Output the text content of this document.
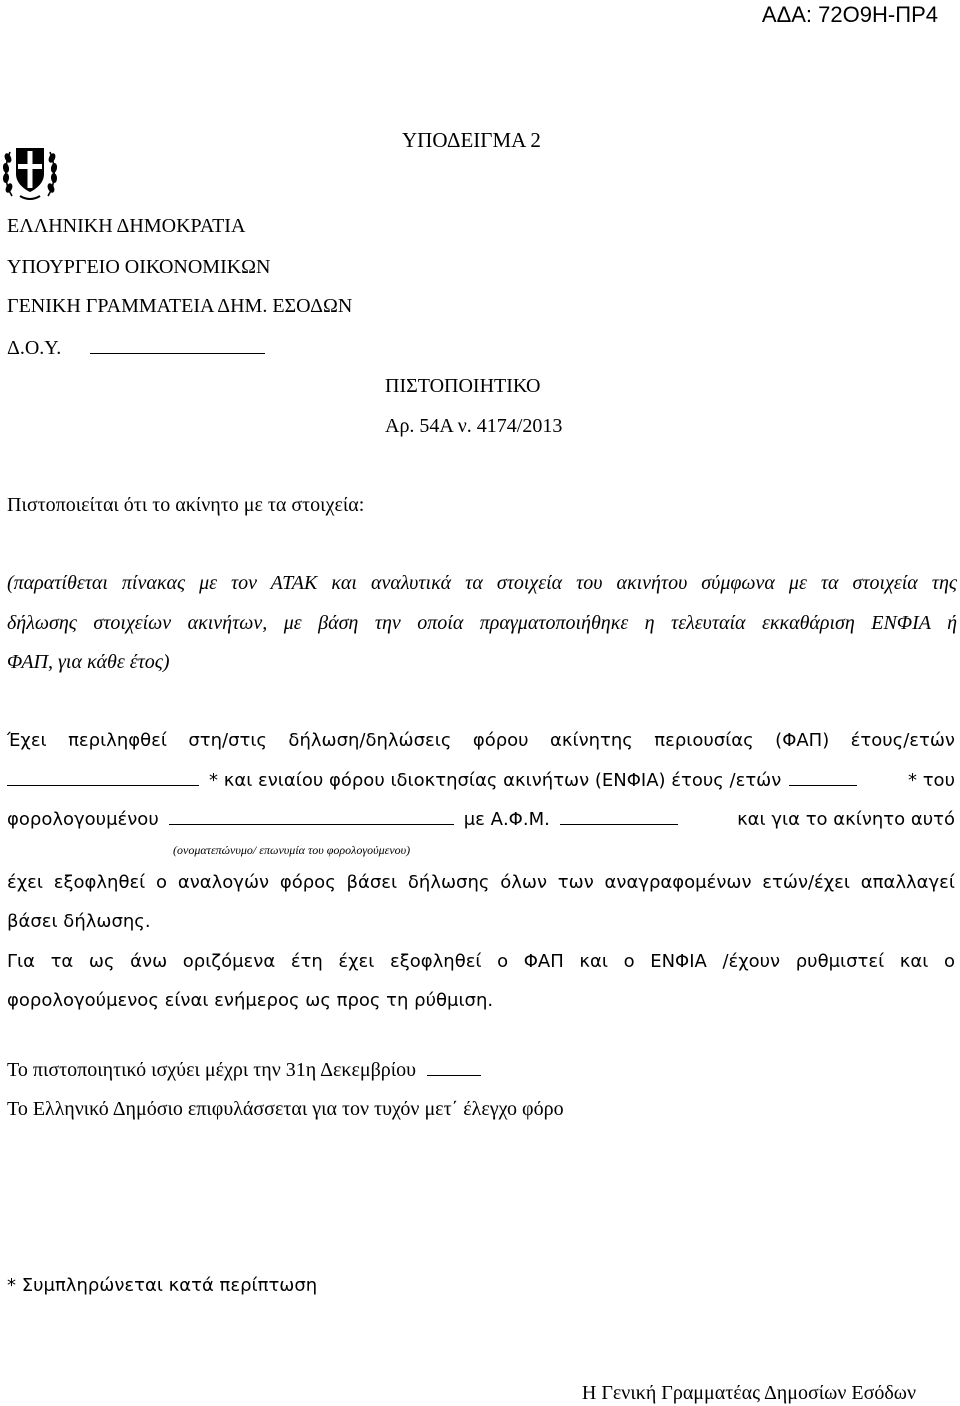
ΑΔΑ: 72Ο9Η-ΠΡ4
ΥΠΟΔΕΙΓΜΑ 2
ΕΛΛΗΝΙΚΗ ΔΗΜΟΚΡΑΤΙΑ
ΥΠΟΥΡΓΕΙΟ ΟΙΚΟΝΟΜΙΚΩΝ
ΓΕΝΙΚΗ ΓΡΑΜΜΑΤΕΙΑ ΔΗΜ. ΕΣΟΔΩΝ
Δ.Ο.Υ.
ΠΙΣΤΟΠΟΙΗΤΙΚΟ
Αρ. 54Α ν. 4174/2013
Πιστοποιείται ότι το ακίνητο με τα στοιχεία:
(παρατίθεται πίνακας με τον ΑΤΑΚ και αναλυτικά τα στοιχεία του ακινήτου σύμφωνα με τα στοιχεία της
δήλωσης στοιχείων ακινήτων, με βάση την οποία πραγματοποιήθηκε η τελευταία εκκαθάριση ΕΝΦΙΑ ή
ΦΑΠ, για κάθε έτος)
Έχει περιληφθεί στη/στις δήλωση/δηλώσεις φόρου ακίνητης περιουσίας (ΦΑΠ) έτους/ετών
* και ενιαίου φόρου ιδιοκτησίας ακινήτων (ΕΝΦΙΑ) έτους /ετών	* του
φορολογουμένου	με Α.Φ.Μ.	και για το ακίνητο αυτό
(ονοματεπώνυμο/ επωνυμία του φορολογούμενου)
έχει εξοφληθεί ο αναλογών φόρος βάσει δήλωσης όλων των αναγραφομένων ετών/έχει απαλλαγεί
βάσει δήλωσης.
Για τα ως άνω οριζόμενα έτη έχει εξοφληθεί ο ΦΑΠ και ο ΕΝΦΙΑ /έχουν ρυθμιστεί και ο
φορολογούμενος είναι ενήμερος ως προς τη ρύθμιση.
Το πιστοποιητικό ισχύει μέχρι την 31η Δεκεμβρίου
Το Ελληνικό Δημόσιο επιφυλάσσεται για τον τυχόν μετ΄ έλεγχο φόρο
* Συμπληρώνεται κατά περίπτωση
Η Γενική Γραμματέας Δημοσίων Εσόδων
